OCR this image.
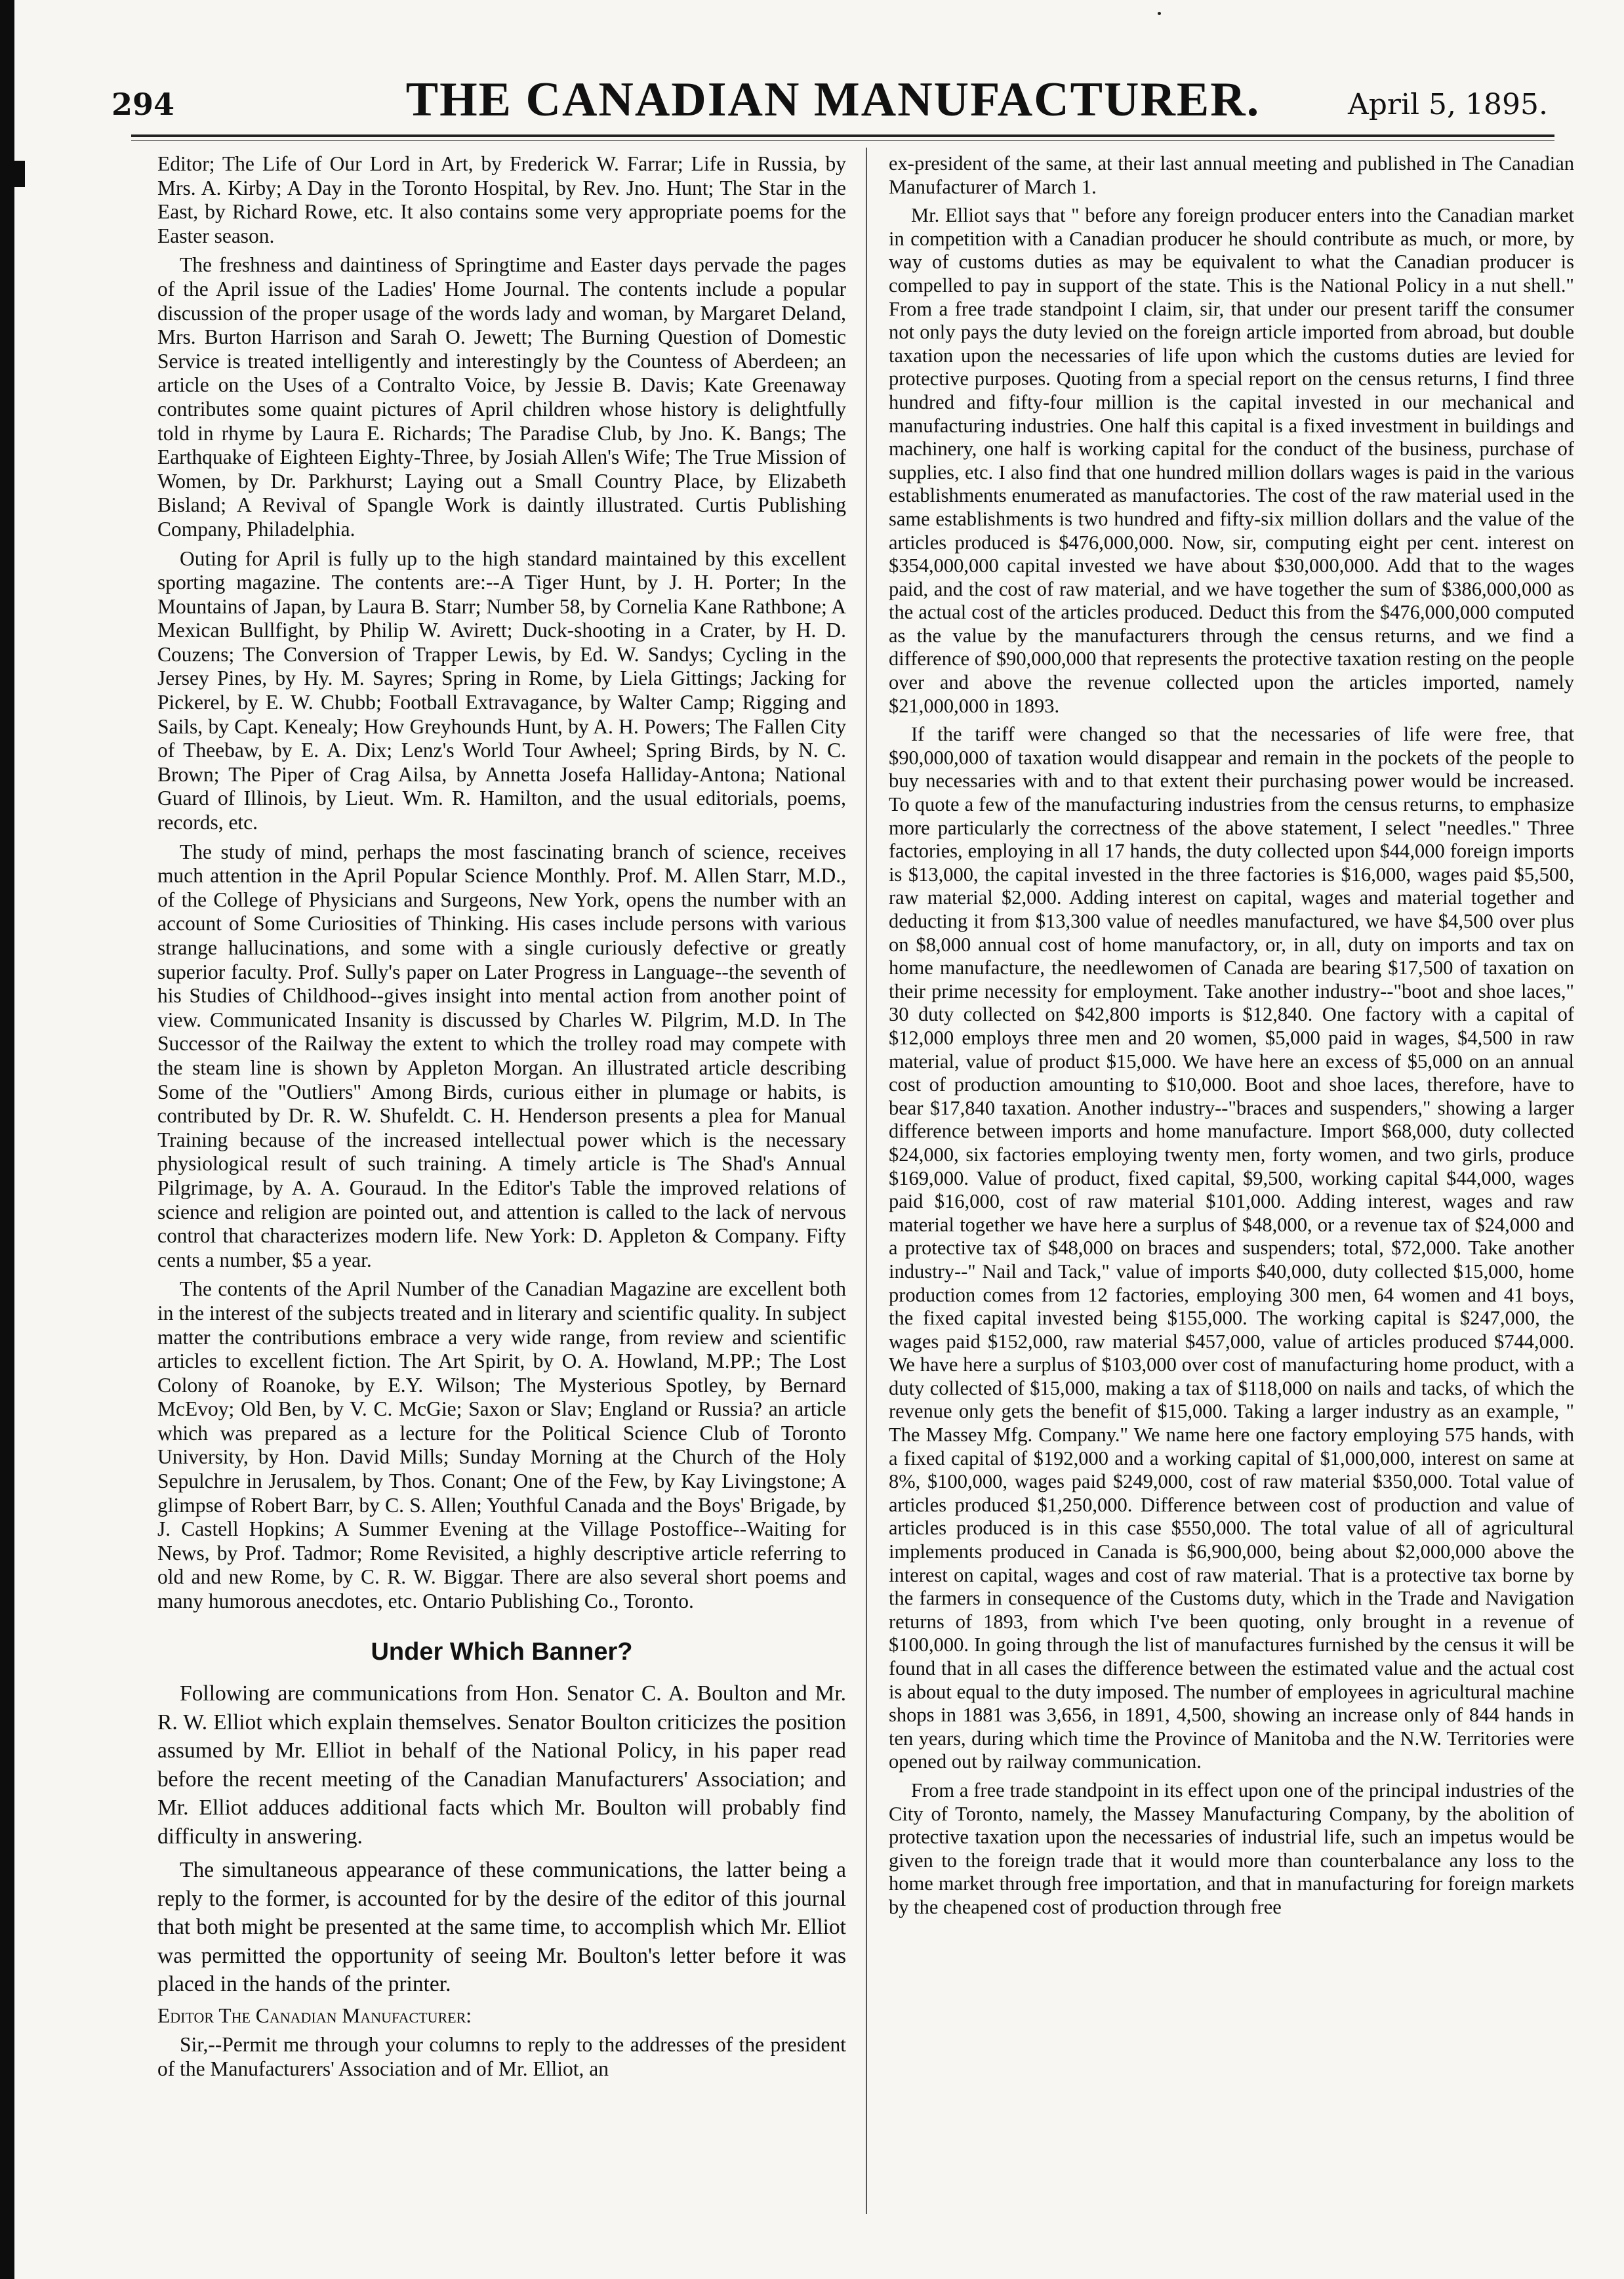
294	THE CANADIAN MANUFACTURER.	April 5, 1895.

Editor; The Life of Our Lord in Art, by Frederick W. Farrar; Life in Russia, by Mrs. A. Kirby; A Day in the Toronto Hospital, by Rev. Jno. Hunt; The Star in the East, by Richard Rowe, etc. It also contains some very appropriate poems for the Easter season.

The freshness and daintiness of Springtime and Easter days pervade the pages of the April issue of the Ladies' Home Journal. The contents include a popular discussion of the proper usage of the words lady and woman, by Margaret Deland, Mrs. Burton Harrison and Sarah O. Jewett; The Burning Question of Domestic Service is treated intelligently and interestingly by the Countess of Aberdeen; an article on the Uses of a Contralto Voice, by Jessie B. Davis; Kate Greenaway contributes some quaint pictures of April children whose history is delightfully told in rhyme by Laura E. Richards; The Paradise Club, by Jno. K. Bangs; The Earthquake of Eighteen Eighty-Three, by Josiah Allen's Wife; The True Mission of Women, by Dr. Parkhurst; Laying out a Small Country Place, by Elizabeth Bisland; A Revival of Spangle Work is daintly illustrated. Curtis Publishing Company, Philadelphia.

Outing for April is fully up to the high standard maintained by this excellent sporting magazine. The contents are:--A Tiger Hunt, by J. H. Porter; In the Mountains of Japan, by Laura B. Starr; Number 58, by Cornelia Kane Rathbone; A Mexican Bullfight, by Philip W. Avirett; Duck-shooting in a Crater, by H. D. Couzens; The Conversion of Trapper Lewis, by Ed. W. Sandys; Cycling in the Jersey Pines, by Hy. M. Sayres; Spring in Rome, by Liela Gittings; Jacking for Pickerel, by E. W. Chubb; Football Extravagance, by Walter Camp; Rigging and Sails, by Capt. Kenealy; How Greyhounds Hunt, by A. H. Powers; The Fallen City of Theebaw, by E. A. Dix; Lenz's World Tour Awheel; Spring Birds, by N. C. Brown; The Piper of Crag Ailsa, by Annetta Josefa Halliday-Antona; National Guard of Illinois, by Lieut. Wm. R. Hamilton, and the usual editorials, poems, records, etc.

The study of mind, perhaps the most fascinating branch of science, receives much attention in the April Popular Science Monthly. Prof. M. Allen Starr, M.D., of the College of Physicians and Surgeons, New York, opens the number with an account of Some Curiosities of Thinking. His cases include persons with various strange hallucinations, and some with a single curiously defective or greatly superior faculty. Prof. Sully's paper on Later Progress in Language--the seventh of his Studies of Childhood--gives insight into mental action from another point of view. Communicated Insanity is discussed by Charles W. Pilgrim, M.D. In The Successor of the Railway the extent to which the trolley road may compete with the steam line is shown by Appleton Morgan. An illustrated article describing Some of the "Outliers" Among Birds, curious either in plumage or habits, is contributed by Dr. R. W. Shufeldt. C. H. Henderson presents a plea for Manual Training because of the increased intellectual power which is the necessary physiological result of such training. A timely article is The Shad's Annual Pilgrimage, by A. A. Gouraud. In the Editor's Table the improved relations of science and religion are pointed out, and attention is called to the lack of nervous control that characterizes modern life. New York: D. Appleton & Company. Fifty cents a number, $5 a year.

The contents of the April Number of the Canadian Magazine are excellent both in the interest of the subjects treated and in literary and scientific quality. In subject matter the contributions embrace a very wide range, from review and scientific articles to excellent fiction. The Art Spirit, by O. A. Howland, M.PP.; The Lost Colony of Roanoke, by E.Y. Wilson; The Mysterious Spotley, by Bernard McEvoy; Old Ben, by V. C. McGie; Saxon or Slav; England or Russia? an article which was prepared as a lecture for the Political Science Club of Toronto University, by Hon. David Mills; Sunday Morning at the Church of the Holy Sepulchre in Jerusalem, by Thos. Conant; One of the Few, by Kay Livingstone; A glimpse of Robert Barr, by C. S. Allen; Youthful Canada and the Boys' Brigade, by J. Castell Hopkins; A Summer Evening at the Village Postoffice--Waiting for News, by Prof. Tadmor; Rome Revisited, a highly descriptive article referring to old and new Rome, by C. R. W. Biggar. There are also several short poems and many humorous anecdotes, etc. Ontario Publishing Co., Toronto.

Under Which Banner?

Following are communications from Hon. Senator C. A. Boulton and Mr. R. W. Elliot which explain themselves. Senator Boulton criticizes the position assumed by Mr. Elliot in behalf of the National Policy, in his paper read before the recent meeting of the Canadian Manufacturers' Association; and Mr. Elliot adduces additional facts which Mr. Boulton will probably find difficulty in answering.

The simultaneous appearance of these communications, the latter being a reply to the former, is accounted for by the desire of the editor of this journal that both might be presented at the same time, to accomplish which Mr. Elliot was permitted the opportunity of seeing Mr. Boulton's letter before it was placed in the hands of the printer.

Editor The Canadian Manufacturer:

Sir,--Permit me through your columns to reply to the addresses of the president of the Manufacturers' Association and of Mr. Elliot, an

ex-president of the same, at their last annual meeting and published in The Canadian Manufacturer of March 1.

Mr. Elliot says that " before any foreign producer enters into the Canadian market in competition with a Canadian producer he should contribute as much, or more, by way of customs duties as may be equivalent to what the Canadian producer is compelled to pay in support of the state. This is the National Policy in a nut shell." From a free trade standpoint I claim, sir, that under our present tariff the consumer not only pays the duty levied on the foreign article imported from abroad, but double taxation upon the necessaries of life upon which the customs duties are levied for protective purposes. Quoting from a special report on the census returns, I find three hundred and fifty-four million is the capital invested in our mechanical and manufacturing industries. One half this capital is a fixed investment in buildings and machinery, one half is working capital for the conduct of the business, purchase of supplies, etc. I also find that one hundred million dollars wages is paid in the various establishments enumerated as manufactories. The cost of the raw material used in the same establishments is two hundred and fifty-six million dollars and the value of the articles produced is $476,000,000. Now, sir, computing eight per cent. interest on $354,000,000 capital invested we have about $30,000,000. Add that to the wages paid, and the cost of raw material, and we have together the sum of $386,000,000 as the actual cost of the articles produced. Deduct this from the $476,000,000 computed as the value by the manufacturers through the census returns, and we find a difference of $90,000,000 that represents the protective taxation resting on the people over and above the revenue collected upon the articles imported, namely $21,000,000 in 1893.

If the tariff were changed so that the necessaries of life were free, that $90,000,000 of taxation would disappear and remain in the pockets of the people to buy necessaries with and to that extent their purchasing power would be increased. To quote a few of the manufacturing industries from the census returns, to emphasize more particularly the correctness of the above statement, I select "needles." Three factories, employing in all 17 hands, the duty collected upon $44,000 foreign imports is $13,000, the capital invested in the three factories is $16,000, wages paid $5,500, raw material $2,000. Adding interest on capital, wages and material together and deducting it from $13,300 value of needles manufactured, we have $4,500 over plus on $8,000 annual cost of home manufactory, or, in all, duty on imports and tax on home manufacture, the needlewomen of Canada are bearing $17,500 of taxation on their prime necessity for employment. Take another industry--"boot and shoe laces," 30 duty collected on $42,800 imports is $12,840. One factory with a capital of $12,000 employs three men and 20 women, $5,000 paid in wages, $4,500 in raw material, value of product $15,000. We have here an excess of $5,000 on an annual cost of production amounting to $10,000. Boot and shoe laces, therefore, have to bear $17,840 taxation. Another industry--"braces and suspenders," showing a larger difference between imports and home manufacture. Import $68,000, duty collected $24,000, six factories employing twenty men, forty women, and two girls, produce $169,000. Value of product, fixed capital, $9,500, working capital $44,000, wages paid $16,000, cost of raw material $101,000. Adding interest, wages and raw material together we have here a surplus of $48,000, or a revenue tax of $24,000 and a protective tax of $48,000 on braces and suspenders; total, $72,000. Take another industry--" Nail and Tack," value of imports $40,000, duty collected $15,000, home production comes from 12 factories, employing 300 men, 64 women and 41 boys, the fixed capital invested being $155,000. The working capital is $247,000, the wages paid $152,000, raw material $457,000, value of articles produced $744,000. We have here a surplus of $103,000 over cost of manufacturing home product, with a duty collected of $15,000, making a tax of $118,000 on nails and tacks, of which the revenue only gets the benefit of $15,000. Taking a larger industry as an example, " The Massey Mfg. Company." We name here one factory employing 575 hands, with a fixed capital of $192,000 and a working capital of $1,000,000, interest on same at 8%, $100,000, wages paid $249,000, cost of raw material $350,000. Total value of articles produced $1,250,000. Difference between cost of production and value of articles produced is in this case $550,000. The total value of all of agricultural implements produced in Canada is $6,900,000, being about $2,000,000 above the interest on capital, wages and cost of raw material. That is a protective tax borne by the farmers in consequence of the Customs duty, which in the Trade and Navigation returns of 1893, from which I've been quoting, only brought in a revenue of $100,000. In going through the list of manufactures furnished by the census it will be found that in all cases the difference between the estimated value and the actual cost is about equal to the duty imposed. The number of employees in agricultural machine shops in 1881 was 3,656, in 1891, 4,500, showing an increase only of 844 hands in ten years, during which time the Province of Manitoba and the N.W. Territories were opened out by railway communication.

From a free trade standpoint in its effect upon one of the principal industries of the City of Toronto, namely, the Massey Manufacturing Company, by the abolition of protective taxation upon the necessaries of industrial life, such an impetus would be given to the foreign trade that it would more than counterbalance any loss to the home market through free importation, and that in manufacturing for foreign markets by the cheapened cost of production through free
